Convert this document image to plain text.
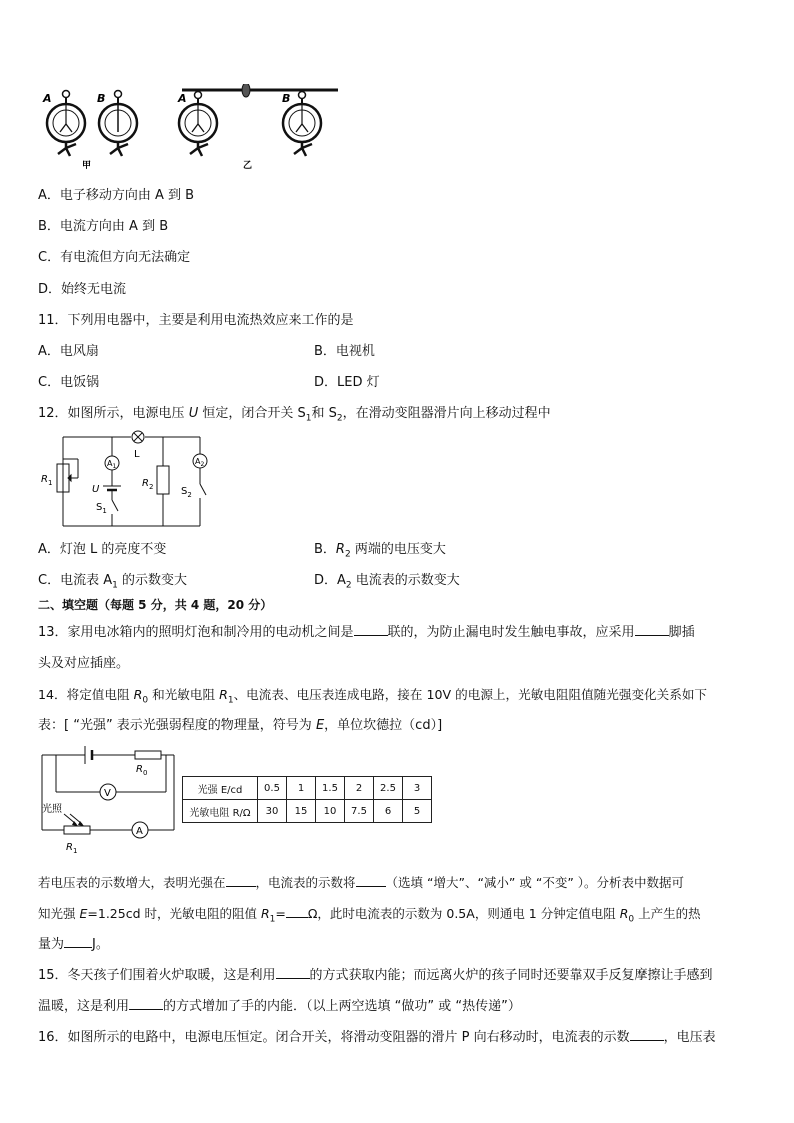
A	B	A	B
甲	乙
A．电子移动方向由 A 到 B
B．电流方向由 A 到 B
C．有电流但方向无法确定
D．始终无电流
11．下列用电器中，主要是利用电流热效应来工作的是
A．电风扇	B．电视机
C．电饭锅	D．LED 灯
12．如图所示，电源电压 U 恒定，闭合开关 $S_1$和 $S_2$，在滑动变阻器滑片向上移动过程中
$R_1$
L
$A_1$
U
$S_1$
$R_2$
$A_2$
$S_2$
A．灯泡 L 的亮度不变	B．$R_2$ 两端的电压变大
C．电流表 $A_1$ 的示数变大	D．$A_2$ 电流表的示数变大
二、填空题（每题 5 分，共 4 题，20 分）
13．家用电冰箱内的照明灯泡和制冷用的电动机之间是	联的，为防止漏电时发生触电事故，应采用	脚插
头及对应插座。
14．将定值电阻 $R_0$ 和光敏电阻 $R_1$、电流表、电压表连成电路，接在 10V 的电源上，光敏电阻阻值随光强变化关系如下
表：[ “光强” 表示光强弱程度的物理量，符号为 E，单位坎德拉（cd）]
$R_0$
V
A
光照
$R_1$
光强 E/cd	0.5	1	1.5	2	2.5	3
光敏电阻 R/Ω	30	15	10	7.5	6	5
若电压表的示数增大，表明光强在 ，电流表的示数将 （选填 “增大”、“减小” 或 “不变” ）。分析表中数据可
知光强 E=1.25cd 时，光敏电阻的阻值 $R_1= \Omega$，此时电流表的示数为 0.5A，则通电 1 分钟定值电阻 $R_0$ 上产生的热
量为 J。
15．冬天孩子们围着火炉取暖，这是利用	的方式获取内能；而远离火炉的孩子同时还要靠双手反复摩擦让手感到
温暖，这是利用	的方式增加了手的内能．（以上两空选填 “做功” 或 “热传递”）
16．如图所示的电路中，电源电压恒定。闭合开关，将滑动变阻器的滑片 P 向右移动时，电流表的示数	，电压表
